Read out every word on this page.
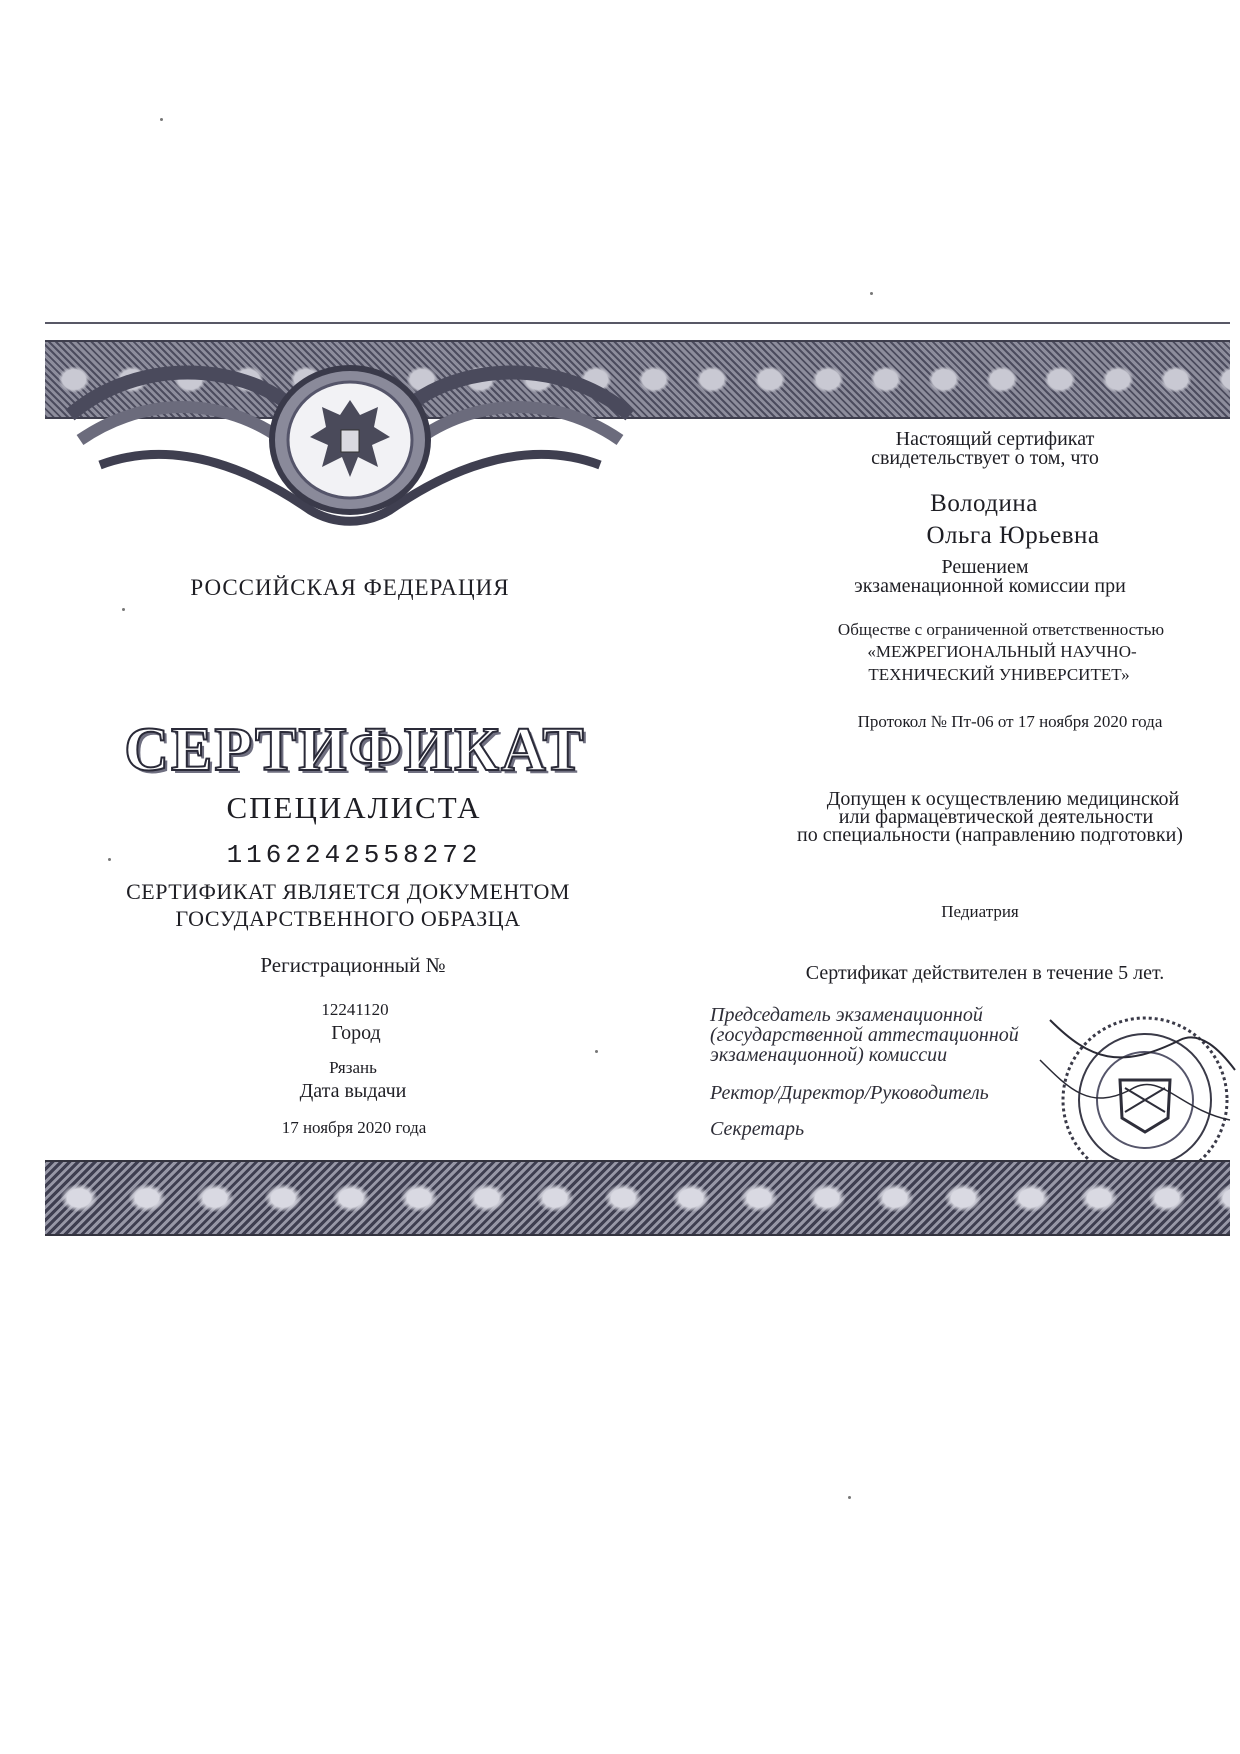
РОССИЙСКАЯ ФЕДЕРАЦИЯ
СЕРТИФИКАТ
СПЕЦИАЛИСТА
1162242558272
СЕРТИФИКАТ ЯВЛЯЕТСЯ ДОКУМЕНТОМ
ГОСУДАРСТВЕННОГО ОБРАЗЦА
Регистрационный №
12241120
Город
Рязань
Дата выдачи
17 ноября 2020 года
Настоящий сертификат
свидетельствует о том, что
Володина
Ольга Юрьевна
Решением
экзаменационной комиссии при
Обществе с ограниченной ответственностью
«МЕЖРЕГИОНАЛЬНЫЙ НАУЧНО-
ТЕХНИЧЕСКИЙ УНИВЕРСИТЕТ»
Протокол № Пт-06 от 17 ноября 2020 года
Допущен к осуществлению медицинской
или фармацевтической деятельности
по специальности (направлению подготовки)
Педиатрия
Сертификат действителен в течение 5 лет.
Председатель экзаменационной
(государственной аттестационной
экзаменационной) комиссии
Ректор/Директор/Руководитель
Секретарь
